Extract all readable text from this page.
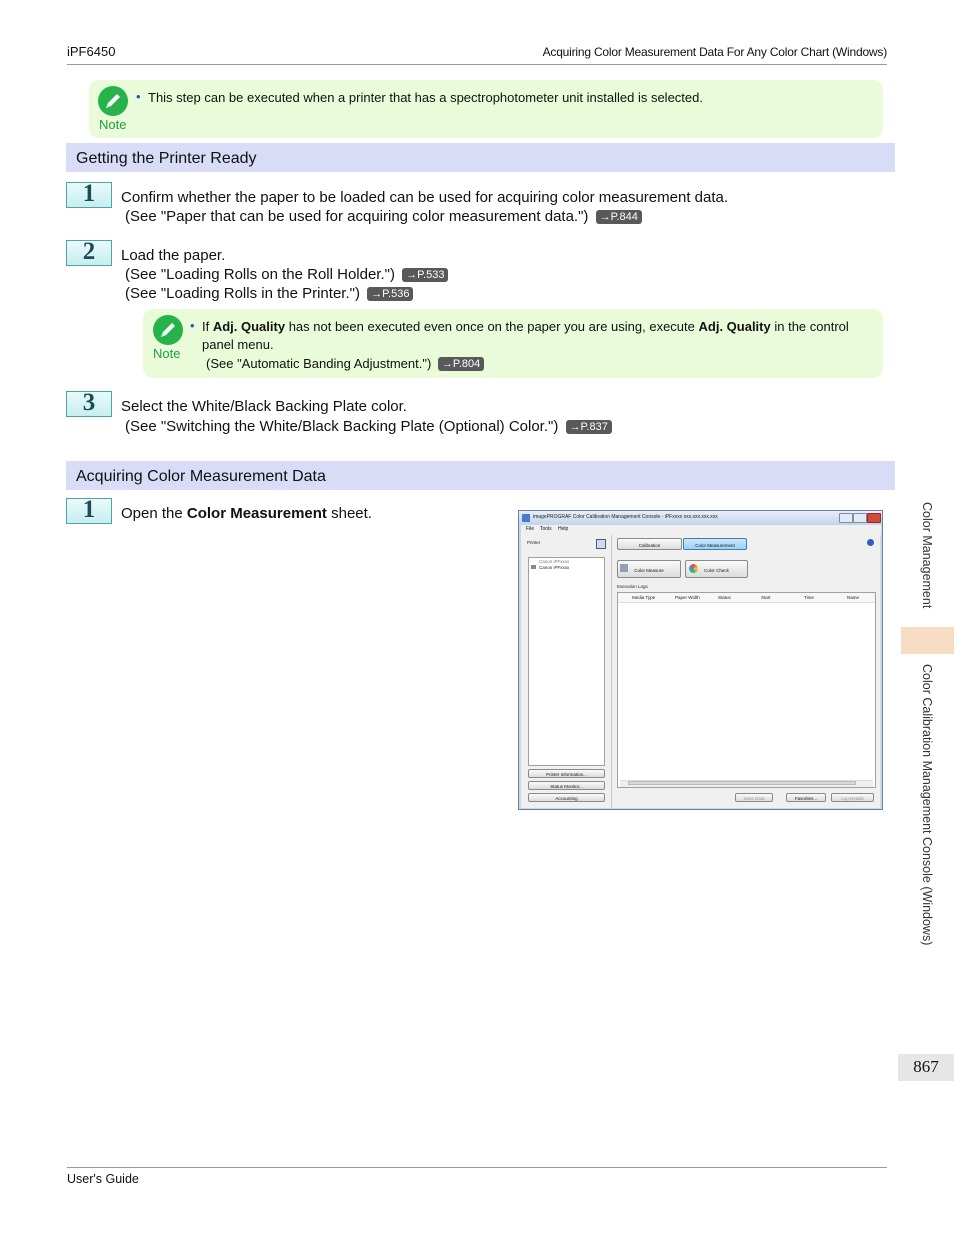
iPF6450	Acquiring Color Measurement Data For Any Color Chart (Windows)
Note
• This step can be executed when a printer that has a spectrophotometer unit installed is selected.
Getting the Printer Ready
1	Confirm whether the paper to be loaded can be used for acquiring color measurement data.
(See "Paper that can be used for acquiring color measurement data.") →P.844
2	Load the paper.
(See "Loading Rolls on the Roll Holder.") →P.533
(See "Loading Rolls in the Printer.") →P.536
Note
• If Adj. Quality has not been executed even once on the paper you are using, execute Adj. Quality in the control
panel menu.
(See "Automatic Banding Adjustment.") →P.804
3	Select the White/Black Backing Plate color.
(See "Switching the White/Black Backing Plate (Optional) Color.") →P.837
Acquiring Color Measurement Data
1	Open the Color Measurement sheet.	imagePROGRAF Color Calibration Management Console - iPFxxxx xxx.xxx.xxx.xxx
File Tools Help
Printer
Canon iPFxxxx
Canon iPFxxxx
Printer Information...
Status Monitor...
Accounting
Calibration	Color Measurement
Color Measure	Color Check
Execution Logs
Media Type	Paper Width	Status	Start	Time	Name
Save Data	Favorites...	Log Details
Color Management
Color Calibration Management Console (Windows)
867
User's Guide
